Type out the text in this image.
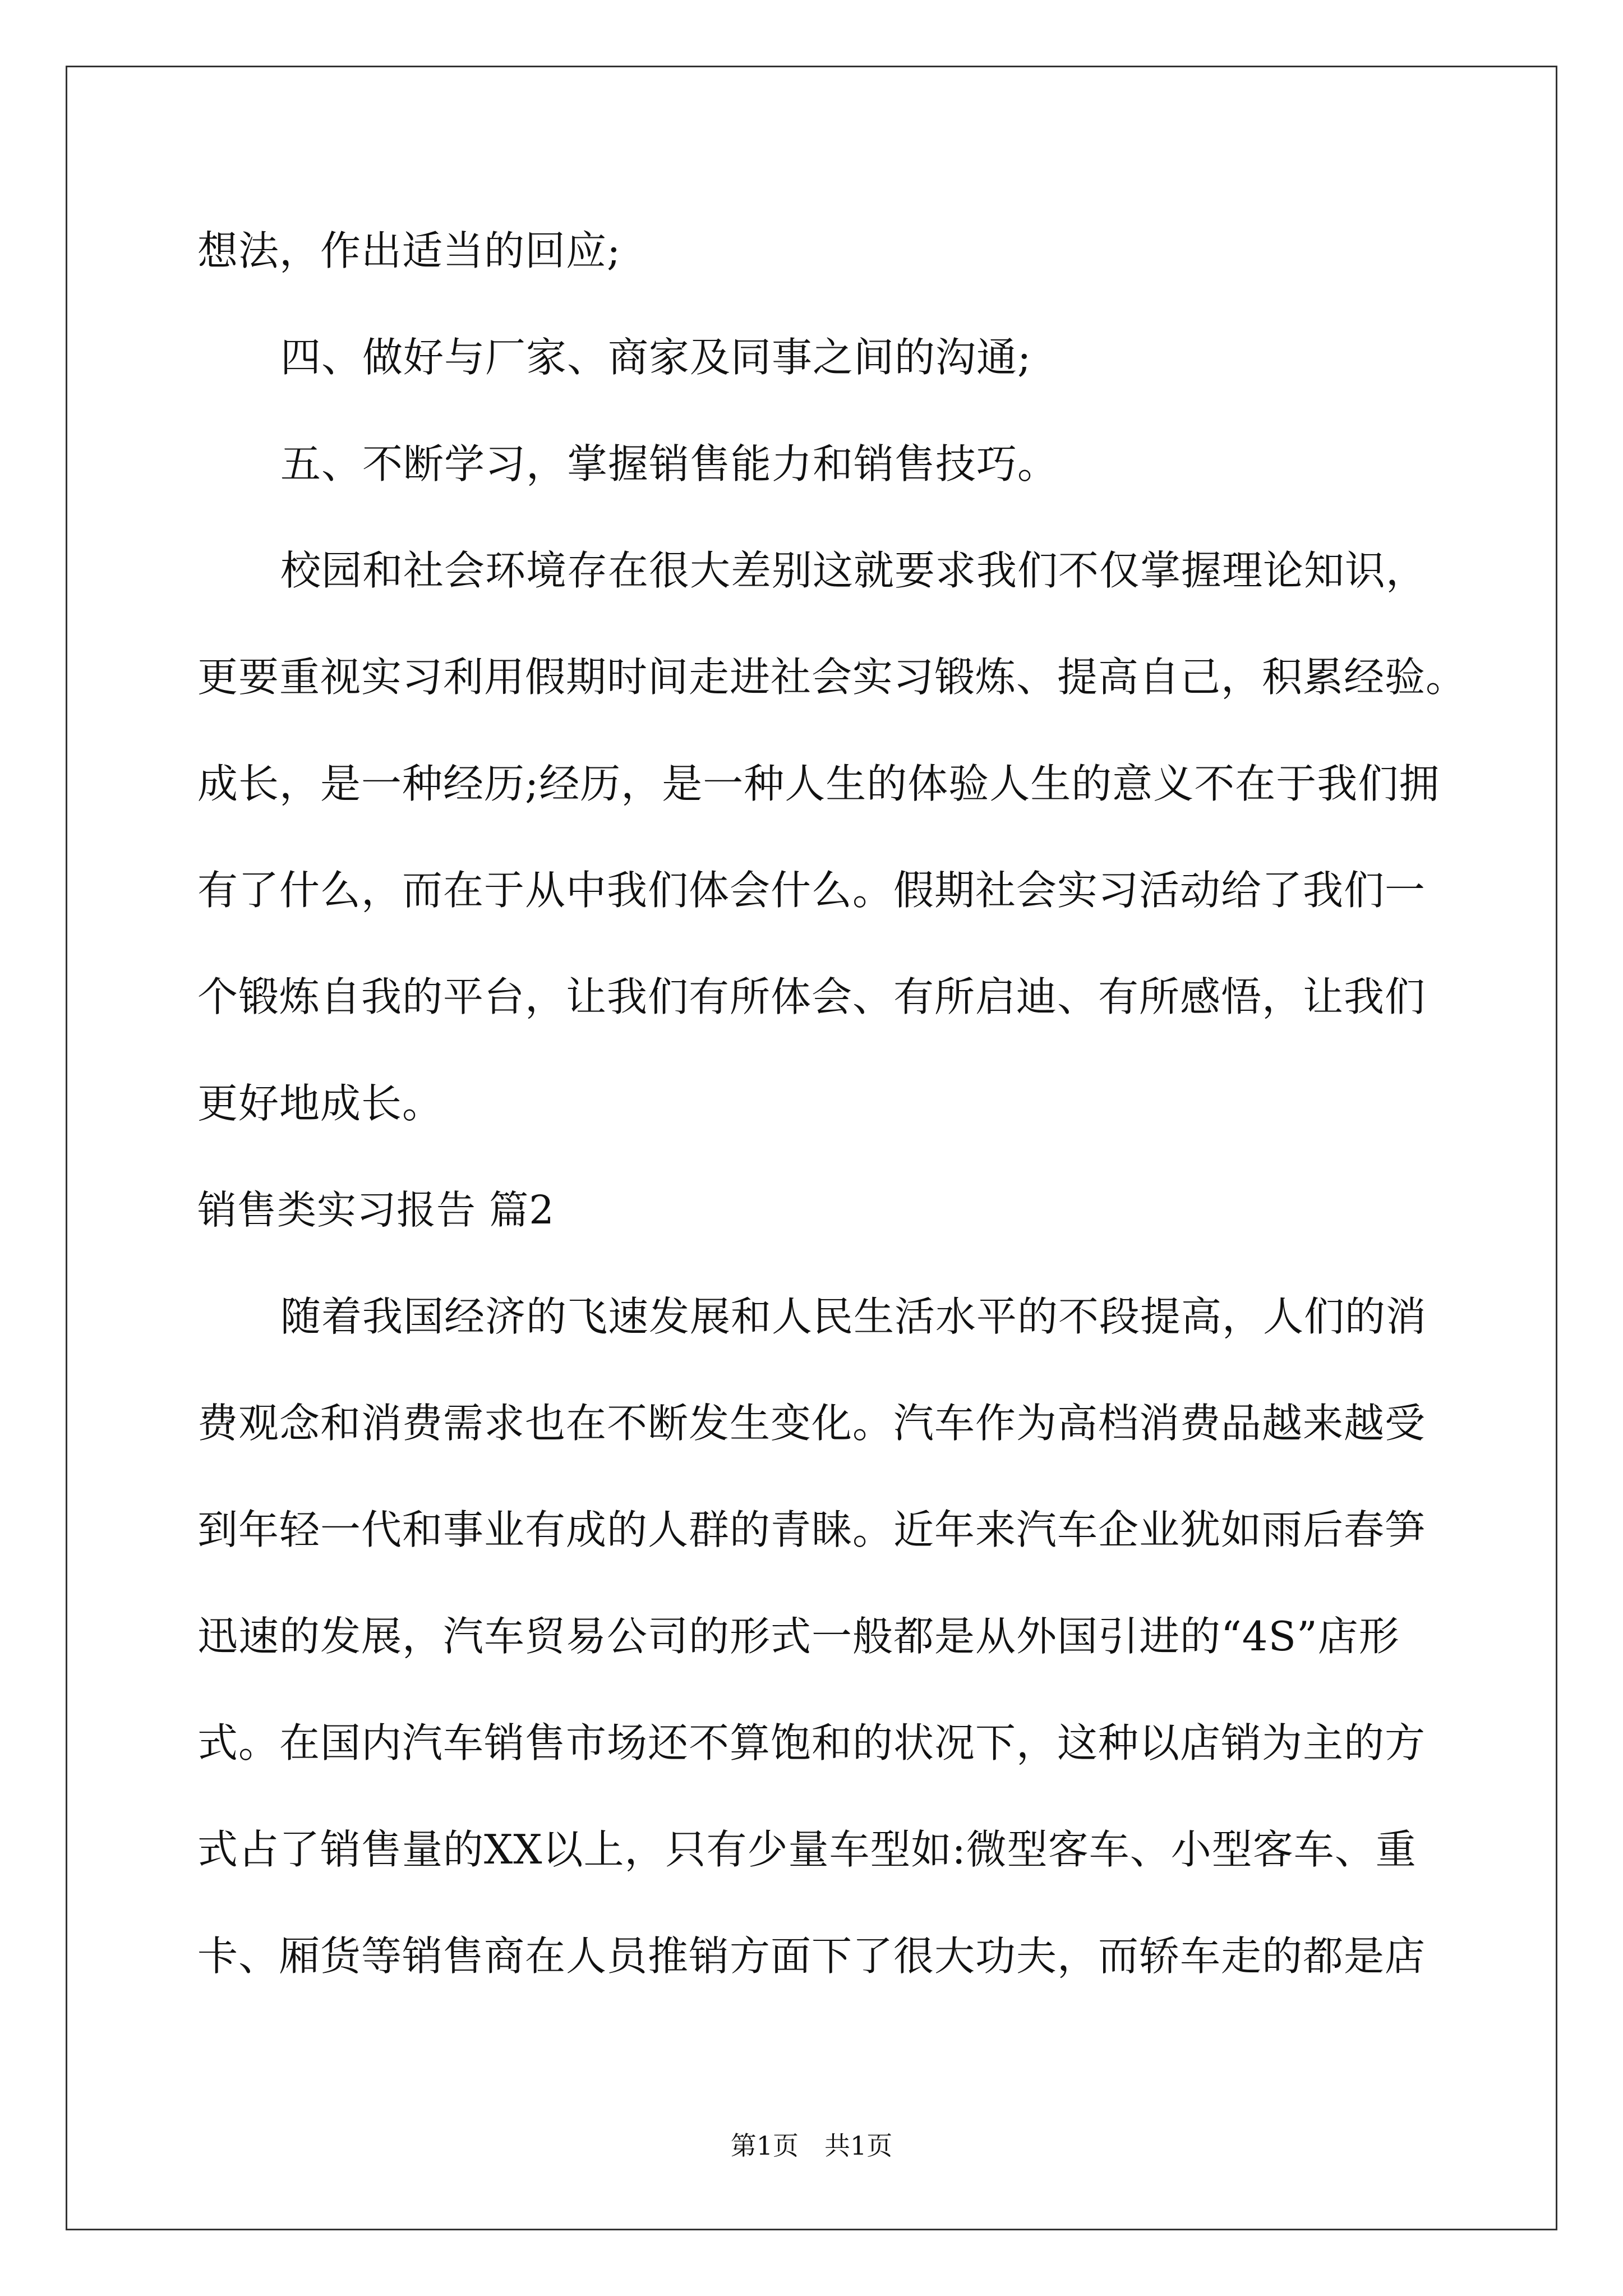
想法，作出适当的回应;
四、做好与厂家、商家及同事之间的沟通;
五、不断学习，掌握销售能力和销售技巧。
校园和社会环境存在很大差别这就要求我们不仅掌握理论知识，
更要重视实习利用假期时间走进社会实习锻炼、提高自己，积累经验。
成长，是一种经历;经历，是一种人生的体验人生的意义不在于我们拥
有了什么，而在于从中我们体会什么。假期社会实习活动给了我们一
个锻炼自我的平台，让我们有所体会、有所启迪、有所感悟，让我们
更好地成长。
销售类实习报告 篇2
随着我国经济的飞速发展和人民生活水平的不段提高，人们的消
费观念和消费需求也在不断发生变化。汽车作为高档消费品越来越受
到年轻一代和事业有成的人群的青睐。近年来汽车企业犹如雨后春笋
迅速的发展，汽车贸易公司的形式一般都是从外国引进的“4S”店形
式。在国内汽车销售市场还不算饱和的状况下，这种以店销为主的方
式占了销售量的XX以上，只有少量车型如:微型客车、小型客车、重
卡、厢货等销售商在人员推销方面下了很大功夫，而轿车走的都是店
第1页　共1页
